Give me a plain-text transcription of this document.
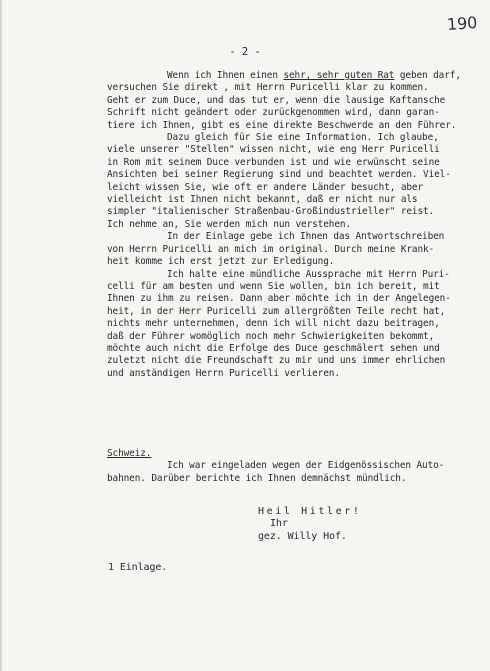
190
- 2 -
Wenn ich Ihnen einen sehr, sehr guten Rat geben darf,
versuchen Sie direkt , mit Herrn Puricelli klar zu kommen.
Geht er zum Duce, und das tut er, wenn die lausige Kaftansche
Schrift nicht geändert oder zurückgenommen wird, dann garan-
tiere ich Ihnen, gibt es eine direkte Beschwerde an den Führer.
Dazu gleich für Sie eine Information. Ich glaube,
viele unserer "Stellen" wissen nicht, wie eng Herr Puricelli
in Rom mit seinem Duce verbunden ist und wie erwünscht seine
Ansichten bei seiner Regierung sind und beachtet werden. Viel-
leicht wissen Sie, wie oft er andere Länder besucht, aber
vielleicht ist Ihnen nicht bekannt, daß er nicht nur als
simpler "italienischer Straßenbau-Großindustrieller" reist.
Ich nehme an, Sie werden mich nun verstehen.
In der Einlage gebe ich Ihnen das Antwortschreiben
von Herrn Puricelli an mich im original. Durch meine Krank-
heit komme ich erst jetzt zur Erledigung.
Ich halte eine mündliche Aussprache mit Herrn Puri-
celli für am besten und wenn Sie wollen, bin ich bereit, mit
Ihnen zu ihm zu reisen. Dann aber möchte ich in der Angelegen-
heit, in der Herr Puricelli zum allergrößten Teile recht hat,
nichts mehr unternehmen, denn ich will nicht dazu beitragen,
daß der Führer womöglich noch mehr Schwierigkeiten bekommt,
möchte auch nicht die Erfolge des Duce geschmälert sehen und
zuletzt nicht die Freundschaft zu mir und uns immer ehrlichen
und anständigen Herrn Puricelli verlieren.
Schweiz.
Ich war eingeladen wegen der Eidgenössischen Auto-
bahnen. Darüber berichte ich Ihnen demnächst mündlich.
Heil Hitler!
Ihr
gez. Willy Hof.
1 Einlage.
